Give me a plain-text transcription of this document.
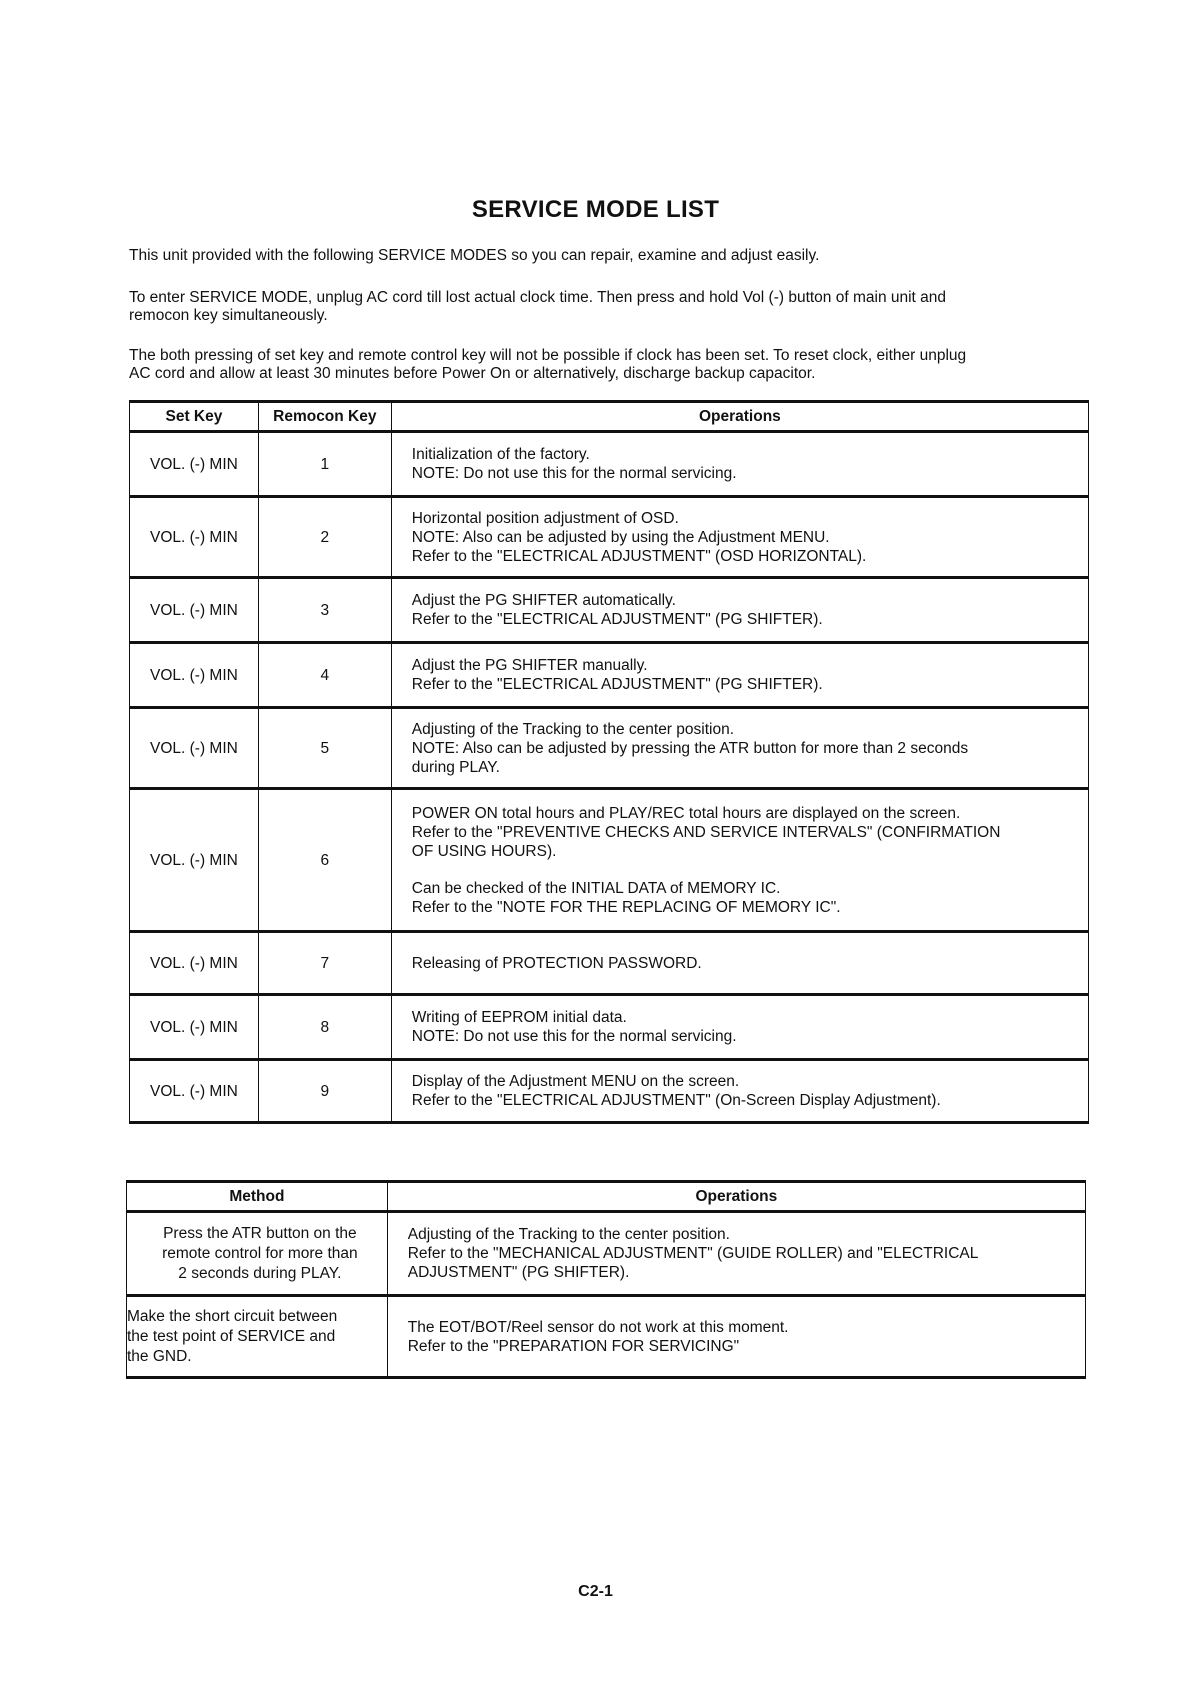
SERVICE MODE LIST
This unit provided with the following SERVICE MODES so you can repair, examine and adjust easily.
To enter SERVICE MODE, unplug AC cord till lost actual clock time. Then press and hold Vol (-) button of main unit and
remocon key simultaneously.
The both pressing of set key and remote control key will not be possible if clock has been set. To reset clock, either unplug
AC cord and allow at least 30 minutes before Power On or alternatively, discharge backup capacitor.
Set Key	Remocon Key	Operations
VOL. (-) MIN	1	Initialization of the factory.
NOTE: Do not use this for the normal servicing.

VOL. (-) MIN	2	Horizontal position adjustment of OSD.
NOTE: Also can be adjusted by using the Adjustment MENU.
Refer to the "ELECTRICAL ADJUSTMENT" (OSD HORIZONTAL).

VOL. (-) MIN	3	Adjust the PG SHIFTER automatically.
Refer to the "ELECTRICAL ADJUSTMENT" (PG SHIFTER).

VOL. (-) MIN	4	Adjust the PG SHIFTER manually.
Refer to the "ELECTRICAL ADJUSTMENT" (PG SHIFTER).

VOL. (-) MIN	5	Adjusting of the Tracking to the center position.
NOTE: Also can be adjusted by pressing the ATR button for more than 2 seconds
during PLAY.

VOL. (-) MIN	6	POWER ON total hours and PLAY/REC total hours are displayed on the screen.
Refer to the "PREVENTIVE CHECKS AND SERVICE INTERVALS" (CONFIRMATION
OF USING HOURS).
Can be checked of the INITIAL DATA of MEMORY IC.
Refer to the "NOTE FOR THE REPLACING OF MEMORY IC".

VOL. (-) MIN	7	Releasing of PROTECTION PASSWORD.

VOL. (-) MIN	8	Writing of EEPROM initial data.
NOTE: Do not use this for the normal servicing.

VOL. (-) MIN	9	Display of the Adjustment MENU on the screen.
Refer to the "ELECTRICAL ADJUSTMENT" (On-Screen Display Adjustment).
Method	Operations

Press the ATR button on the
remote control for more than
2 seconds during PLAY.	Adjusting of the Tracking to the center position.
Refer to the "MECHANICAL ADJUSTMENT" (GUIDE ROLLER) and "ELECTRICAL
ADJUSTMENT" (PG SHIFTER).

Make the short circuit between
the test point of SERVICE and
the GND.	The EOT/BOT/Reel sensor do not work at this moment.
Refer to the "PREPARATION FOR SERVICING"
C2-1
